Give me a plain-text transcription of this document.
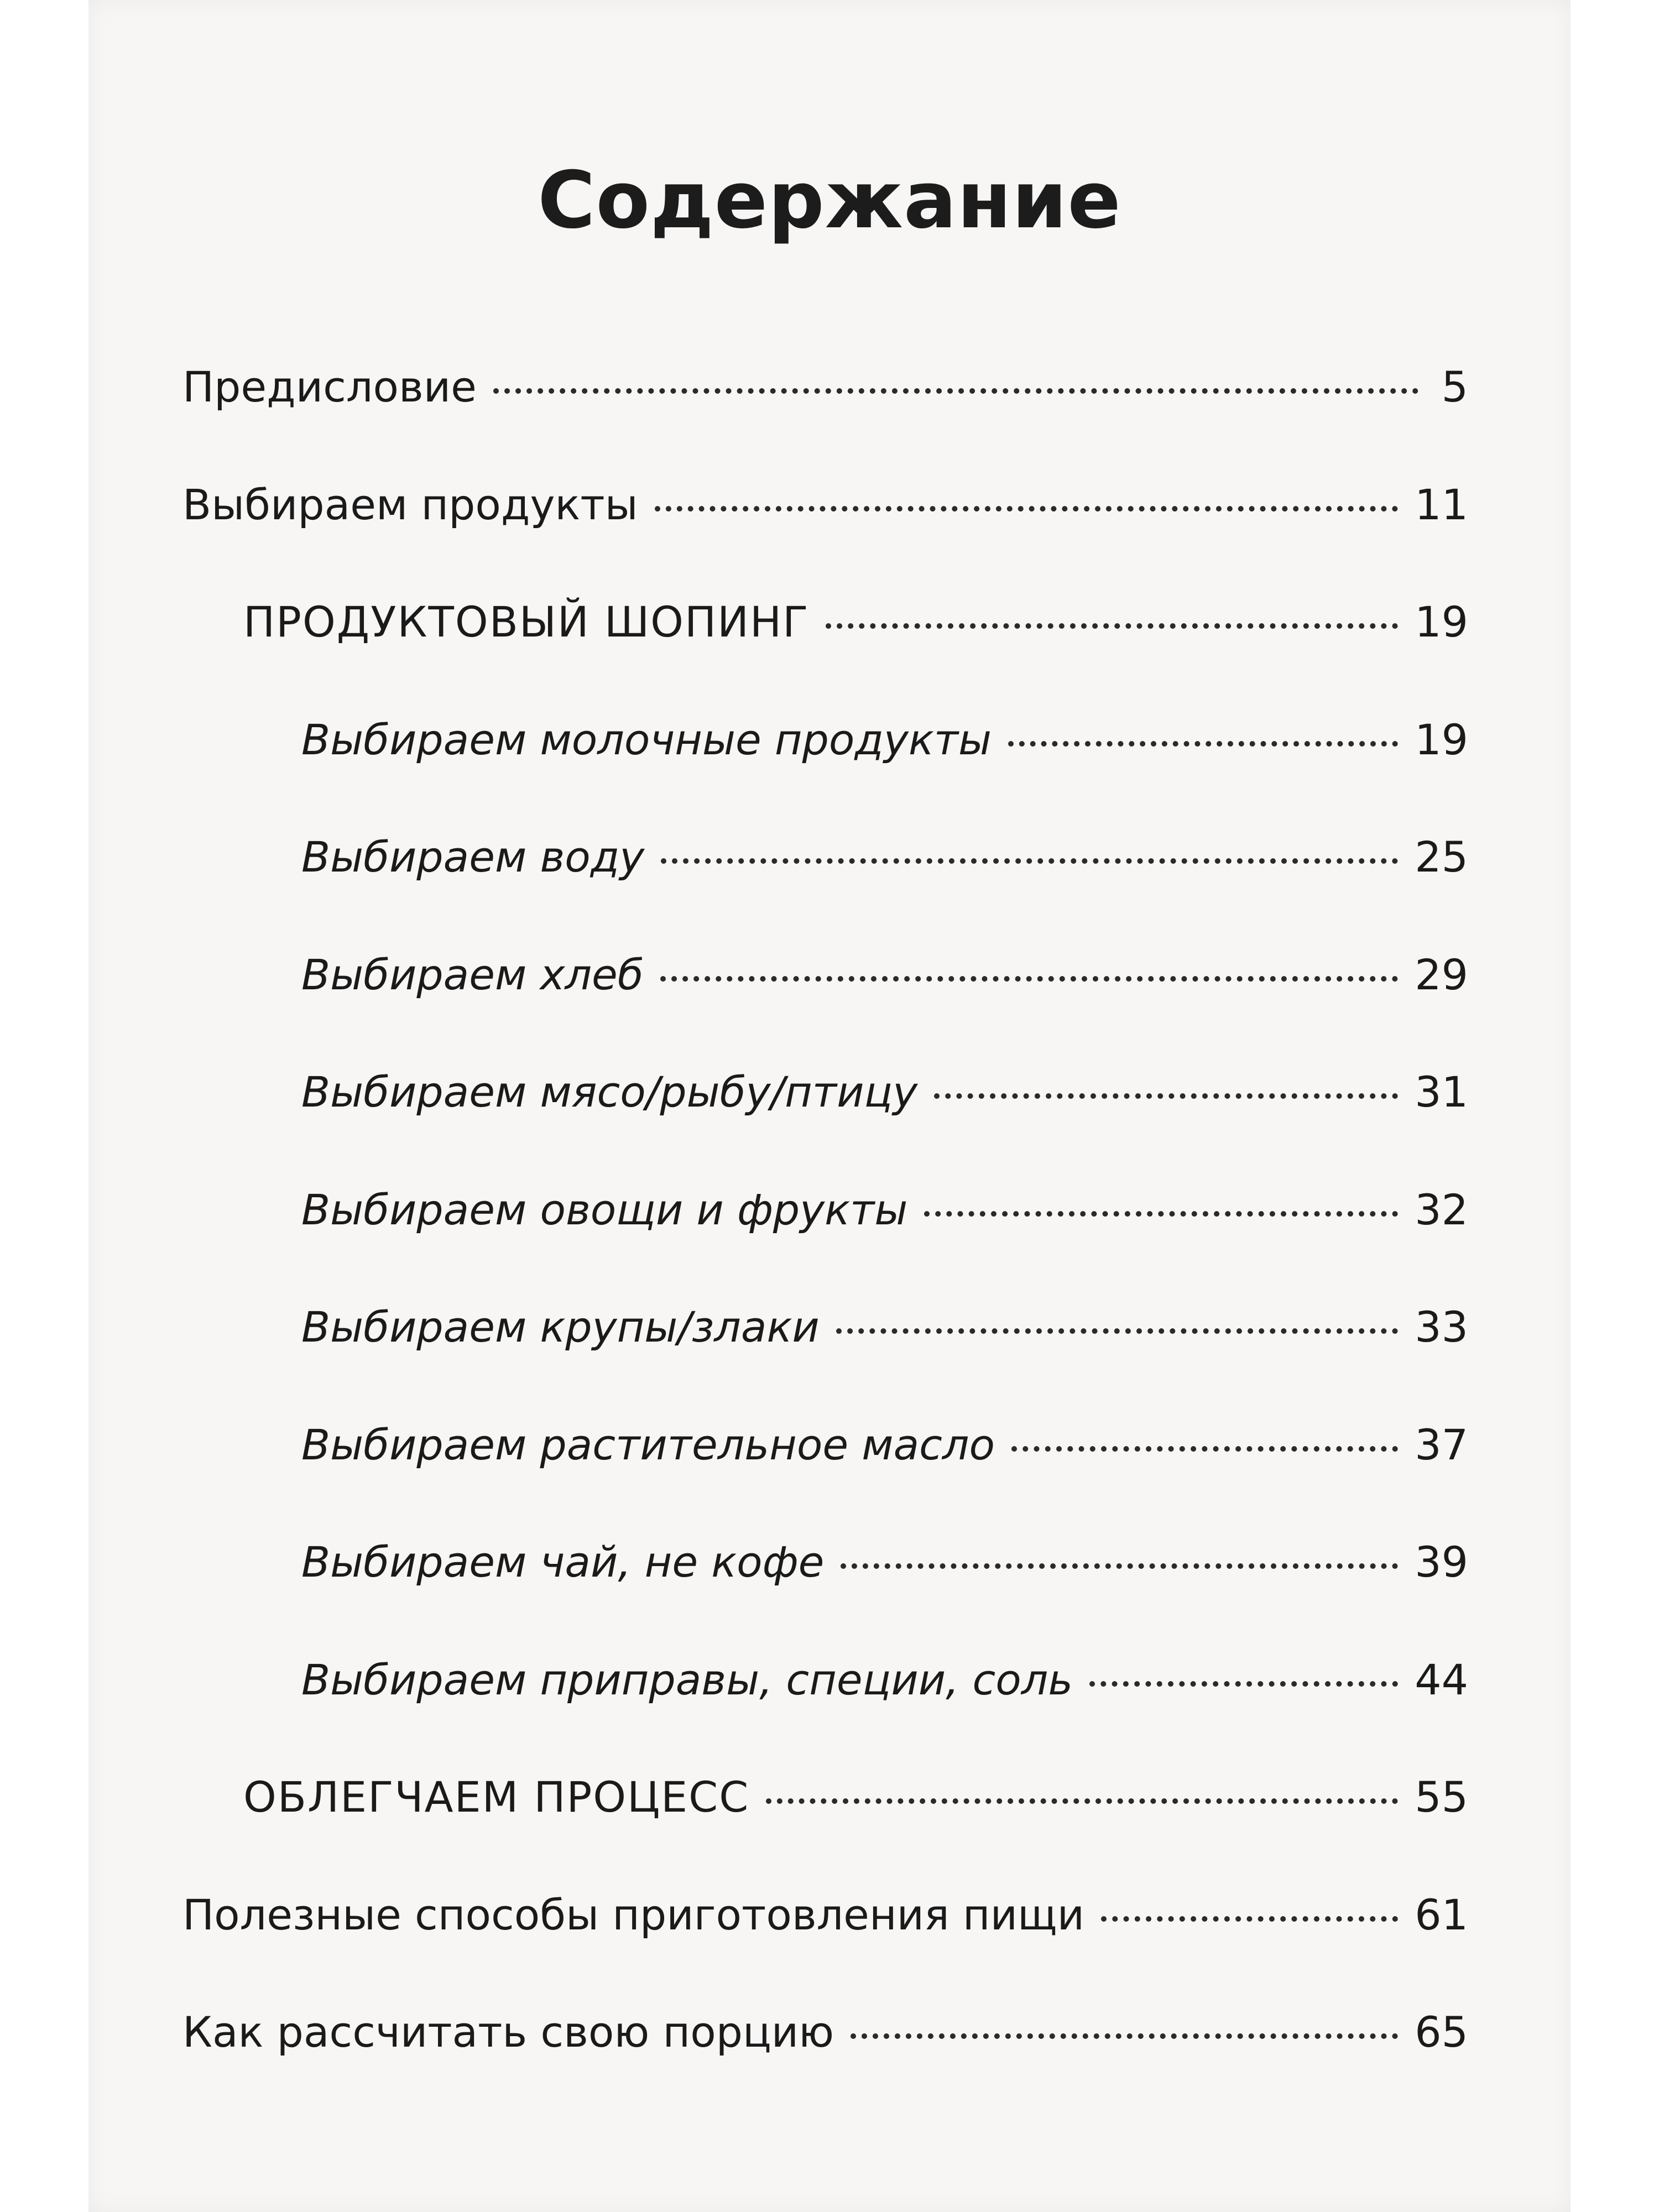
Содержание
Предисловие	5
Выбираем продукты	11
ПРОДУКТОВЫЙ ШОПИНГ	19
Выбираем молочные продукты	19
Выбираем воду	25
Выбираем хлеб	29
Выбираем мясо/рыбу/птицу	31
Выбираем овощи и фрукты	32
Выбираем крупы/злаки	33
Выбираем растительное масло	37
Выбираем чай, не кофе	39
Выбираем приправы, специи, соль	44
ОБЛЕГЧАЕМ ПРОЦЕСС	55
Полезные способы приготовления пищи	61
Как рассчитать свою порцию	65
